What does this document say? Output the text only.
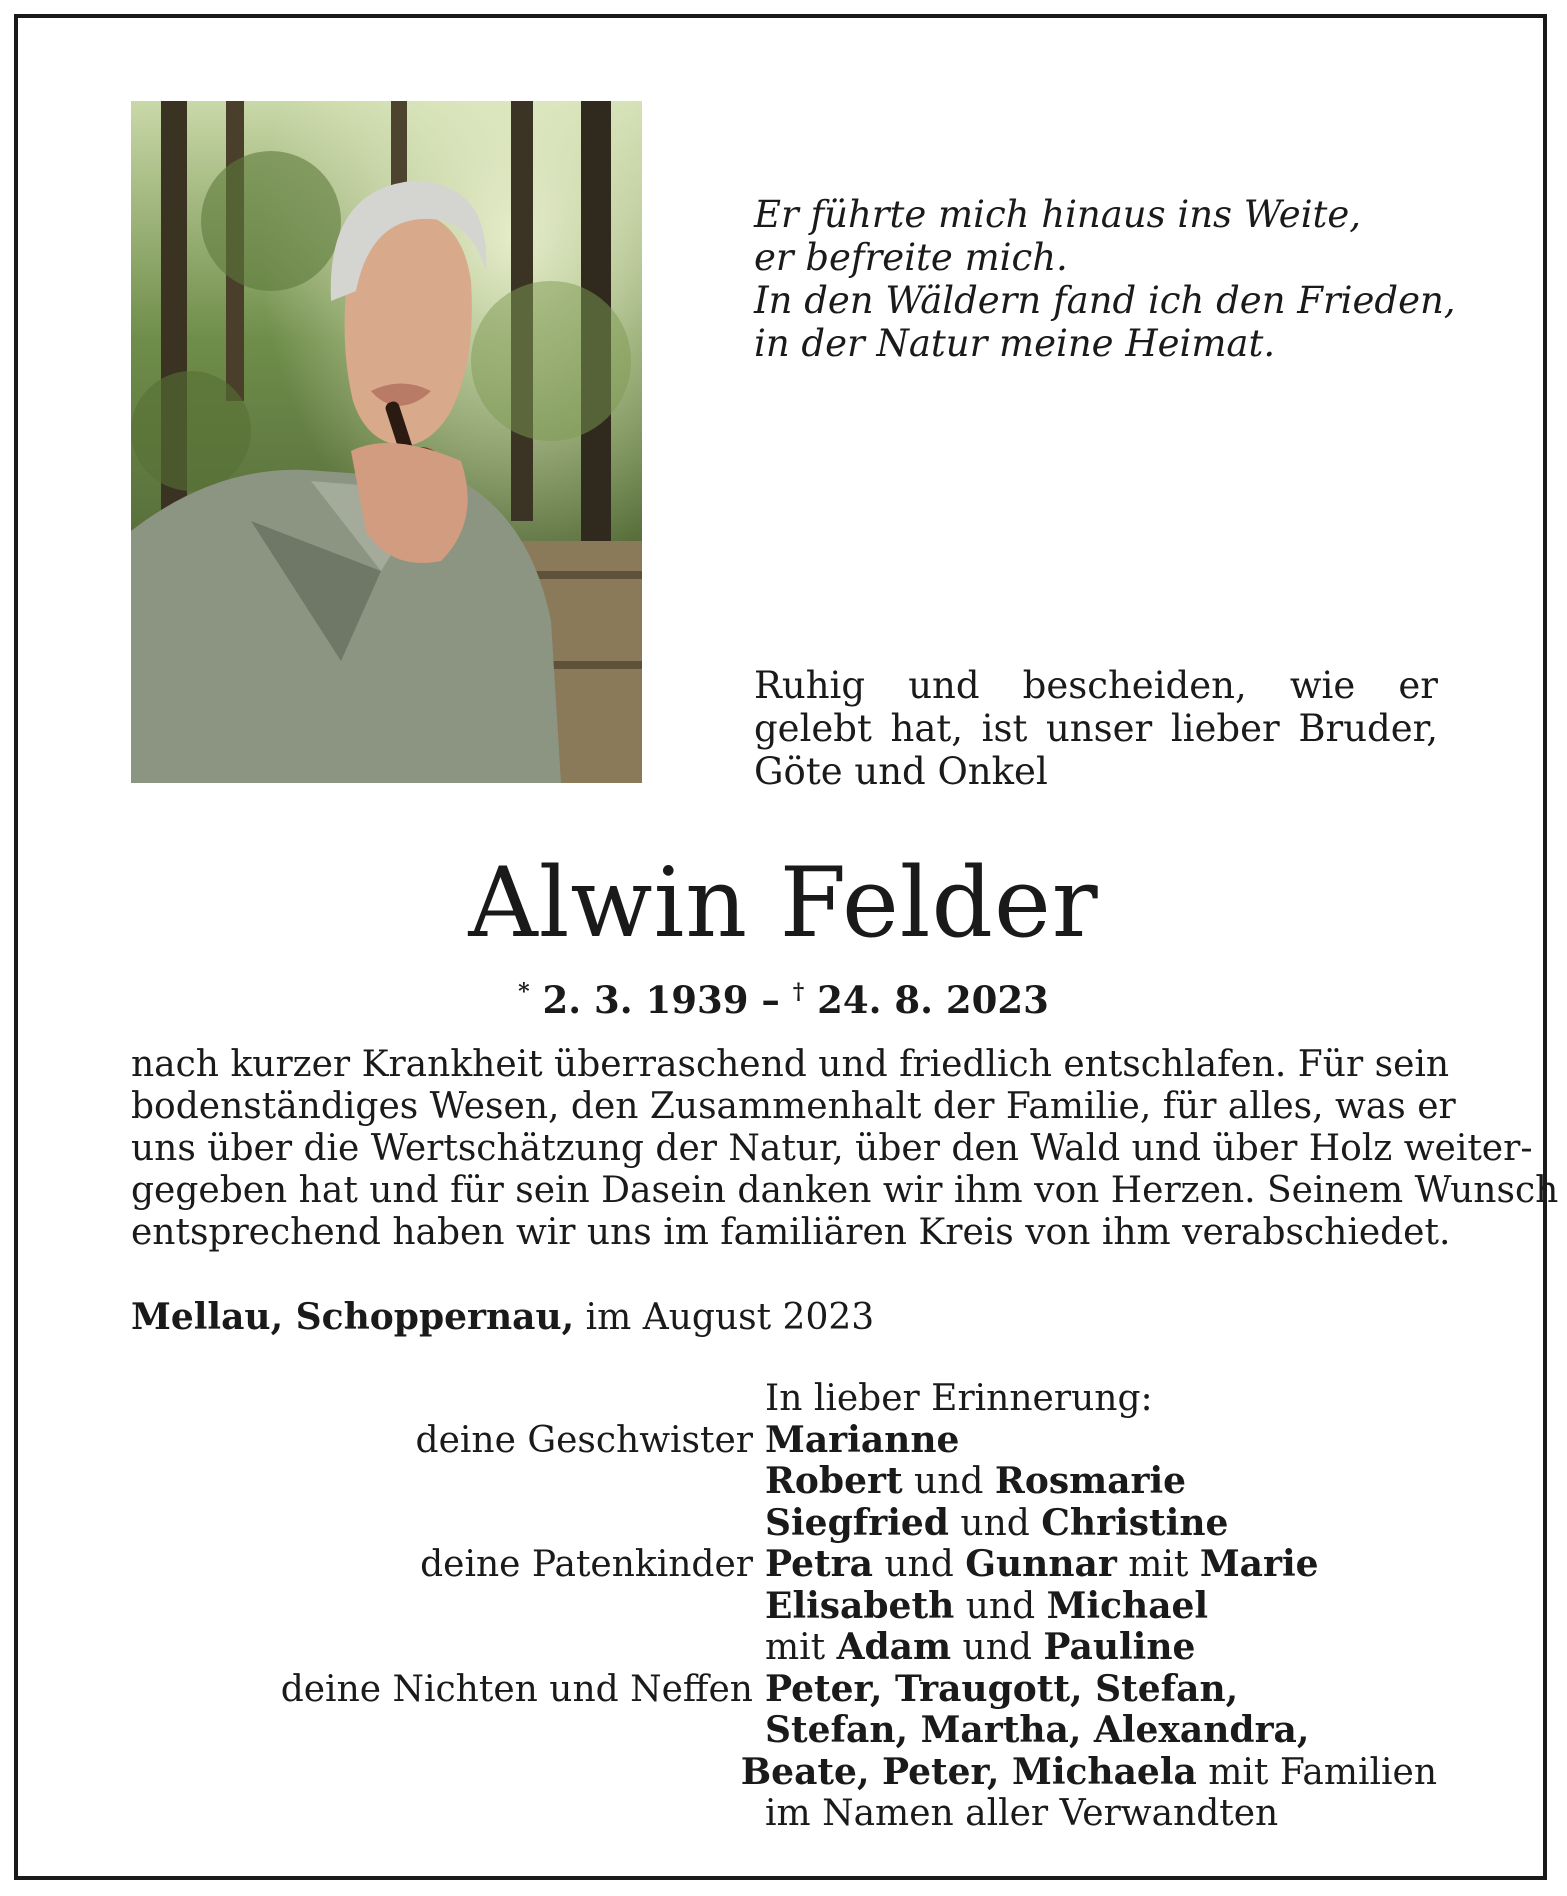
Er führte mich hinaus ins Weite,
er befreite mich.
In den Wäldern fand ich den Frieden,
in der Natur meine Heimat.
Ruhig und bescheiden, wie er gelebt hat, ist unser lieber Bruder, Göte und Onkel
Alwin Felder
* 2. 3. 1939 – † 24. 8. 2023
nach kurzer Krankheit überraschend und friedlich entschlafen. Für sein
bodenständiges Wesen, den Zusammenhalt der Familie, für alles, was er
uns über die Wertschätzung der Natur, über den Wald und über Holz weiter-
gegeben hat und für sein Dasein danken wir ihm von Herzen. Seinem Wunsch
entsprechend haben wir uns im familiären Kreis von ihm verabschiedet.
Mellau, Schoppernau, im August 2023
In lieber Erinnerung:
deine Geschwister Marianne
Robert und Rosmarie
Siegfried und Christine
deine Patenkinder Petra und Gunnar mit Marie
Elisabeth und Michael
mit Adam und Pauline
deine Nichten und Neffen Peter, Traugott, Stefan,
Stefan, Martha, Alexandra,
Beate, Peter, Michaela mit Familien
im Namen aller Verwandten
